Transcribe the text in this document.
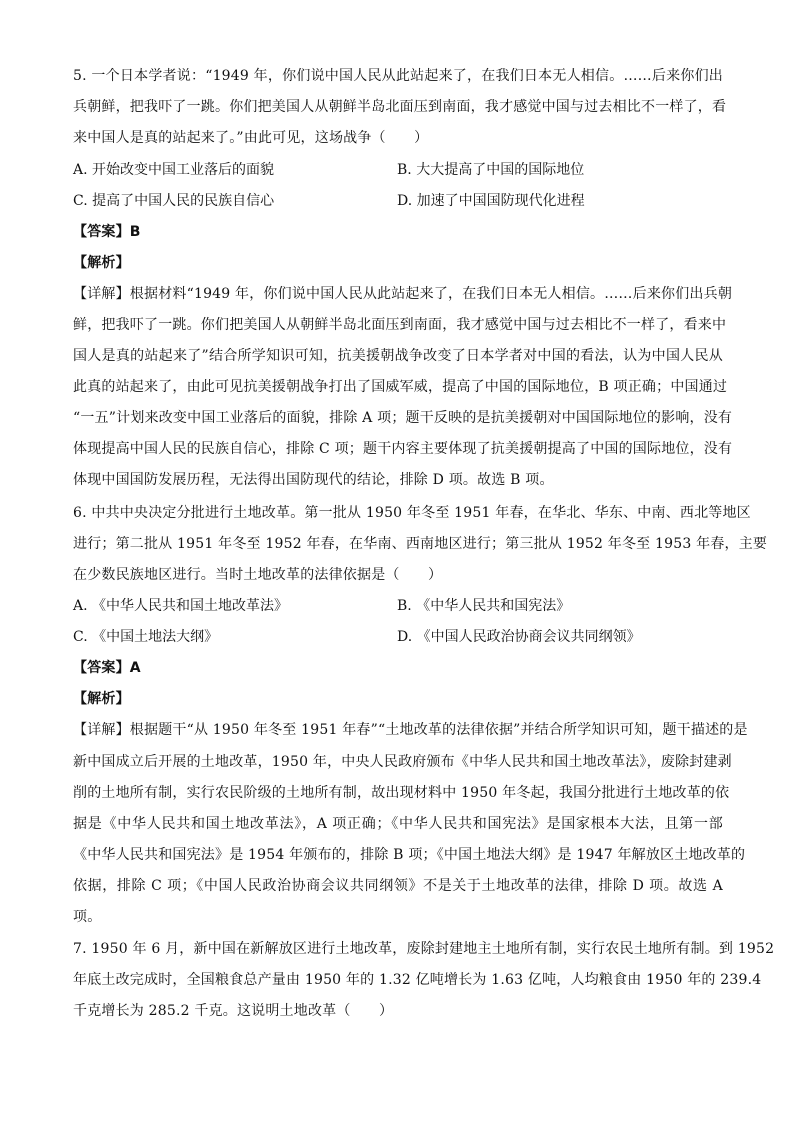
5. 一个日本学者说：“1949 年，你们说中国人民从此站起来了，在我们日本无人相信。……后来你们出
兵朝鲜，把我吓了一跳。你们把美国人从朝鲜半岛北面压到南面，我才感觉中国与过去相比不一样了，看
来中国人是真的站起来了。”由此可见，这场战争（　　）
A. 开始改变中国工业落后的面貌	B. 大大提高了中国的国际地位
C. 提高了中国人民的民族自信心	D. 加速了中国国防现代化进程
【答案】B
【解析】
【详解】根据材料“1949 年，你们说中国人民从此站起来了，在我们日本无人相信。……后来你们出兵朝
鲜，把我吓了一跳。你们把美国人从朝鲜半岛北面压到南面，我才感觉中国与过去相比不一样了，看来中
国人是真的站起来了”结合所学知识可知，抗美援朝战争改变了日本学者对中国的看法，认为中国人民从
此真的站起来了，由此可见抗美援朝战争打出了国威军威，提高了中国的国际地位，B 项正确；中国通过
“一五”计划来改变中国工业落后的面貌，排除 A 项；题干反映的是抗美援朝对中国国际地位的影响，没有
体现提高中国人民的民族自信心，排除 C 项；题干内容主要体现了抗美援朝提高了中国的国际地位，没有
体现中国国防发展历程，无法得出国防现代的结论，排除 D 项。故选 B 项。
6. 中共中央决定分批进行土地改革。第一批从 1950 年冬至 1951 年春，在华北、华东、中南、西北等地区
进行；第二批从 1951 年冬至 1952 年春，在华南、西南地区进行；第三批从 1952 年冬至 1953 年春，主要
在少数民族地区进行。当时土地改革的法律依据是（　　）
A. 《中华人民共和国土地改革法》	B. 《中华人民共和国宪法》
C. 《中国土地法大纲》	D. 《中国人民政治协商会议共同纲领》
【答案】A
【解析】
【详解】根据题干“从 1950 年冬至 1951 年春”“土地改革的法律依据”并结合所学知识可知，题干描述的是
新中国成立后开展的土地改革，1950 年，中央人民政府颁布《中华人民共和国土地改革法》，废除封建剥
削的土地所有制，实行农民阶级的土地所有制，故出现材料中 1950 年冬起，我国分批进行土地改革的依
据是《中华人民共和国土地改革法》，A 项正确；《中华人民共和国宪法》是国家根本大法，且第一部
《中华人民共和国宪法》是 1954 年颁布的，排除 B 项；《中国土地法大纲》是 1947 年解放区土地改革的
依据，排除 C 项；《中国人民政治协商会议共同纲领》不是关于土地改革的法律，排除 D 项。故选 A
项。
7. 1950 年 6 月，新中国在新解放区进行土地改革，废除封建地主土地所有制，实行农民土地所有制。到 1952
年底土改完成时，全国粮食总产量由 1950 年的 1.32 亿吨增长为 1.63 亿吨，人均粮食由 1950 年的 239.4
千克增长为 285.2 千克。这说明土地改革（　　）
